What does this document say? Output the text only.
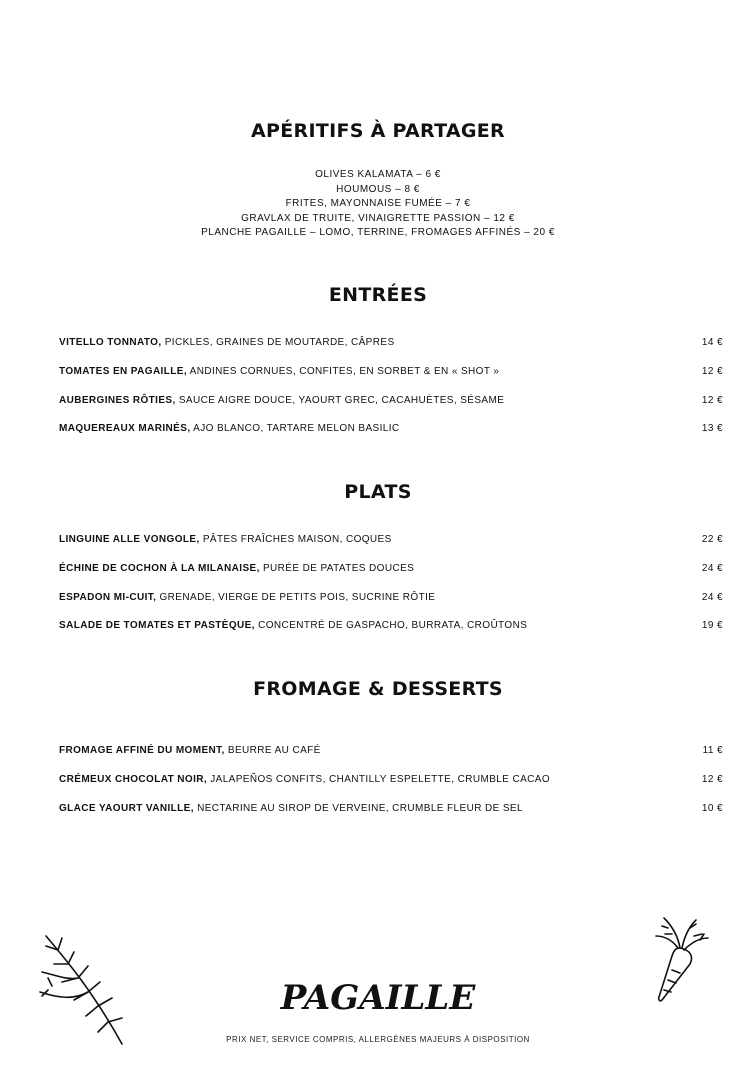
APÉRITIFS À PARTAGER
OLIVES KALAMATA – 6 €
HOUMOUS – 8 €
FRITES, MAYONNAISE FUMÉE – 7 €
GRAVLAX DE TRUITE, VINAIGRETTE PASSION – 12 €
PLANCHE PAGAILLE – LOMO, TERRINE, FROMAGES AFFINÉS – 20 €
ENTRÉES
VITELLO TONNATO, PICKLES, GRAINES DE MOUTARDE, CÂPRES	14 €
TOMATES EN PAGAILLE, ANDINES CORNUES, CONFITES, EN SORBET & EN « SHOT »	12 €
AUBERGINES RÔTIES, SAUCE AIGRE DOUCE, YAOURT GREC, CACAHUÈTES, SÉSAME	12 €
MAQUEREAUX MARINÉS, AJO BLANCO, TARTARE MELON BASILIC	13 €
PLATS
LINGUINE ALLE VONGOLE, PÂTES FRAÎCHES MAISON, COQUES	22 €
ÉCHINE DE COCHON À LA MILANAISE, PURÉE DE PATATES DOUCES	24 €
ESPADON MI-CUIT, GRENADE, VIERGE DE PETITS POIS, SUCRINE RÔTIE	24 €
SALADE DE TOMATES ET PASTÈQUE, CONCENTRÉ DE GASPACHO, BURRATA, CROÛTONS	19 €
FROMAGE & DESSERTS
FROMAGE AFFINÉ DU MOMENT, BEURRE AU CAFÉ	11 €
CRÉMEUX CHOCOLAT NOIR, JALAPEÑOS CONFITS, CHANTILLY ESPELETTE, CRUMBLE CACAO	12 €
GLACE YAOURT VANILLE, NECTARINE AU SIROP DE VERVEINE, CRUMBLE FLEUR DE SEL	10 €
PAGAILLE
PRIX NET, SERVICE COMPRIS, ALLERGÈNES MAJEURS À DISPOSITION
